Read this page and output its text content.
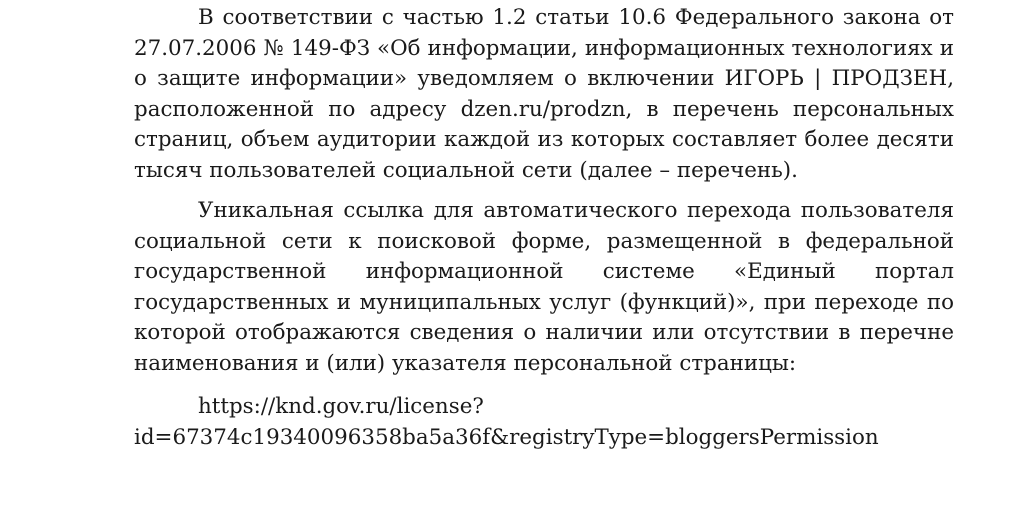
В соответствии с частью 1.2 статьи 10.6 Федерального закона от 27.07.2006 № 149-ФЗ «Об информации, информационных технологиях и о защите информации» уведомляем о включении ИГОРЬ | ПРОДЗЕН, расположенной по адресу dzen.ru/prodzn, в перечень персональных страниц, объем аудитории каждой из которых составляет более десяти тысяч пользователей социальной сети (далее – перечень).

Уникальная ссылка для автоматического перехода пользователя социальной сети к поисковой форме, размещенной в федеральной государственной информационной системе «Единый портал государственных и муниципальных услуг (функций)», при переходе по которой отображаются сведения о наличии или отсутствии в перечне наименования и (или) указателя персональной страницы:

https://knd.gov.ru/license?
id=67374c19340096358ba5a36f&registryType=bloggersPermission
